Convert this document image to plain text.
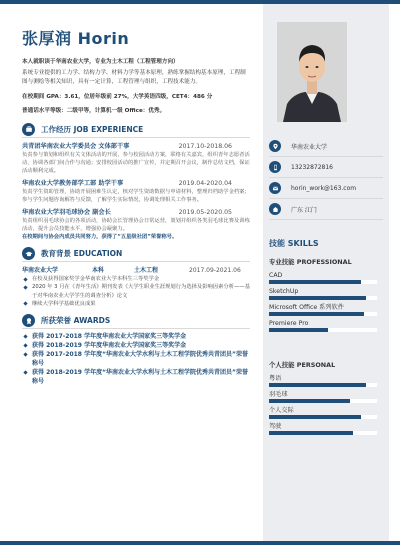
华南农业大学
13232872816
horin_work@163.com
广东 江门
技能 SKILLS
专业技能 PROFESSIONAL
CAD
SketchUp
Microsoft Office 系列软件
Premiere Pro
个人技能 PERSONAL
粤语
羽毛球
个人交际
驾驶
张厚润 Horin

本人就职读于华南农业大学，专业为土木工程（工程管理方向）

系统专业提供的工力学、结构力学、材料力学等基本原理，熟练掌握结构基本原理，工程制图与测绘等相关知识，具有一定计算，工程管理与组织，工程技术能力。

在校期间 GPA：3.61，位居年级前 27%，大学英语四级，CET4：486 分

普通话水平等级：二级甲等，计算机一级 Office：优秀。

工作经历 JOB EXPERIENCE
共青团华南农业大学委员会 文体部干事	2017.10-2018.06
负责参与策划和组织有关文体活动的开展，参与校园活动方案，联络有关嘉宾，组织青年志愿者活动，协调各部门间合作与沟通；安排校园活动的推广宣传，并定期召开会议，制作总结文档，保证活动顺利完成。
华南农业大学教务部学工部 助学干事	2019.04-2020.04
负责学生资助管理，协助开展困难生认定，核对学生资助数据与申请材料，整理归档助学金档案；参与学生问题咨询解答与反馈，了解学生实际情况，协调处理相关工作事务。
华南农业大学羽毛球协会 副会长	2019.05-2020.05
负责组织羽毛球协会的各项活动，协助会长管理协会日常运营，策划并组织各类羽毛球比赛及训练活动，提升会员技能水平，增强协会凝聚力。
在校期间与协会内成员共同努力，获得了“五星级社团”荣誉称号。
教育背景 EDUCATION
华南农业大学	本科	土木工程	2017.09-2021.06
在校及获得国家奖学金华南农业大学本科生三等奖学金
2020 年 3 月在《青年生活》期刊发表《大学生职业生涯规划行为选择及影响因素分析——基于对华南农业大学学生的调查分析》论文
继续大学科学基础优良成果
所获荣誉 AWARDS
获得 2017-2018 学年度华南农业大学国家奖三等奖学金
获得 2018-2019 学年度华南农业大学国家奖三等奖学金
获得 2017-2018 学年度“华南农业大学水利与土木工程学院优秀共青团员”荣誉称号
获得 2018-2019 学年度“华南农业大学水利与土木工程学院优秀共青团员”荣誉称号
